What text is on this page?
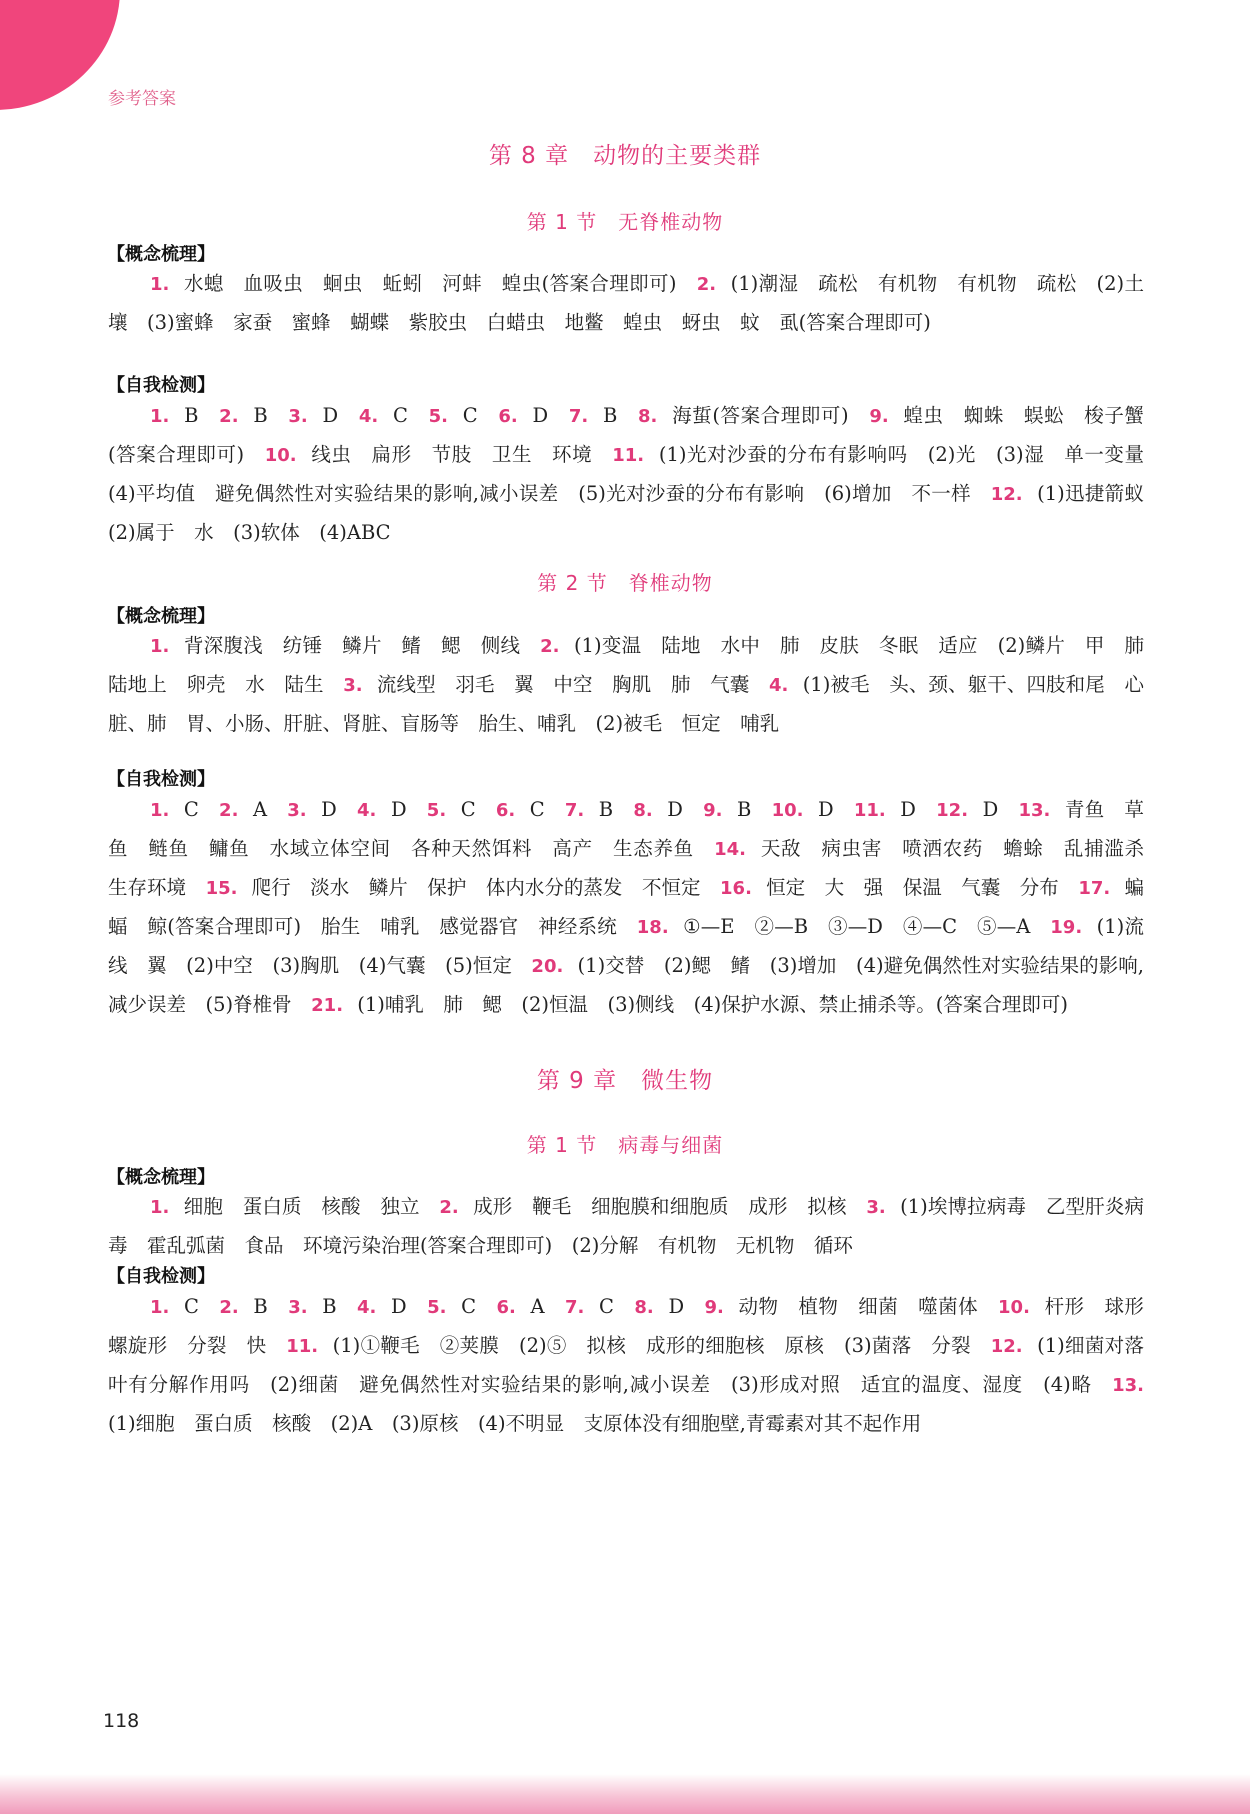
参考答案
第 8 章　动物的主要类群
第 1 节　无脊椎动物
【概念梳理】
1. 水螅　血吸虫　蛔虫　蚯蚓　河蚌　蝗虫(答案合理即可)　 2. (1)潮湿　疏松　有机物　有机物　疏松　(2)土壤　(3)蜜蜂　家蚕　蜜蜂　蝴蝶　紫胶虫　白蜡虫　地鳖　蝗虫　蚜虫　蚊　虱(答案合理即可)
【自我检测】
1. B　 2. B　 3. D　 4. C　 5. C　 6. D　 7. B　 8. 海蜇(答案合理即可)　 9. 蝗虫　蜘蛛　蜈蚣　梭子蟹(答案合理即可)　 10. 线虫　扁形　节肢　卫生　环境　 11. (1)光对沙蚕的分布有影响吗　(2)光　(3)湿　单一变量　(4)平均值　避免偶然性对实验结果的影响,减小误差　(5)光对沙蚕的分布有影响　(6)增加　不一样　 12. (1)迅捷箭蚁　(2)属于　水　(3)软体　(4)ABC
第 2 节　脊椎动物
【概念梳理】
1. 背深腹浅　纺锤　鳞片　鳍　鳃　侧线　 2. (1)变温　陆地　水中　肺　皮肤　冬眠　适应　(2)鳞片　甲　肺　陆地上　卵壳　水　陆生　 3. 流线型　羽毛　翼　中空　胸肌　肺　气囊　 4. (1)被毛　头、颈、躯干、四肢和尾　心脏、肺　胃、小肠、肝脏、肾脏、盲肠等　胎生、哺乳　(2)被毛　恒定　哺乳
【自我检测】
1. C　 2. A　 3. D　 4. D　 5. C　 6. C　 7. B　 8. D　 9. B　 10. D　 11. D　 12. D　 13. 青鱼　草鱼　鲢鱼　鳙鱼　水域立体空间　各种天然饵料　高产　生态养鱼　 14. 天敌　病虫害　喷洒农药　蟾蜍　乱捕滥杀　生存环境　 15. 爬行　淡水　鳞片　保护　体内水分的蒸发　不恒定　 16. 恒定　大　强　保温　气囊　分布　 17. 蝙蝠　鲸(答案合理即可)　胎生　哺乳　感觉器官　神经系统　 18. ①—E　②—B　③—D　④—C　⑤—A　 19. (1)流线　翼　(2)中空　(3)胸肌　(4)气囊　(5)恒定　 20. (1)交替　(2)鳃　鳍　(3)增加　(4)避免偶然性对实验结果的影响,减少误差　(5)脊椎骨　 21. (1)哺乳　肺　鳃　(2)恒温　(3)侧线　(4)保护水源、禁止捕杀等。(答案合理即可)
第 9 章　微生物
第 1 节　病毒与细菌
【概念梳理】
1. 细胞　蛋白质　核酸　独立　 2. 成形　鞭毛　细胞膜和细胞质　成形　拟核　 3. (1)埃博拉病毒　乙型肝炎病毒　霍乱弧菌　食品　环境污染治理(答案合理即可)　(2)分解　有机物　无机物　循环
【自我检测】
1. C　 2. B　 3. B　 4. D　 5. C　 6. A　 7. C　 8. D　 9. 动物　植物　细菌　噬菌体　 10. 杆形　球形　螺旋形　分裂　快　 11. (1)①鞭毛　②荚膜　(2)⑤　拟核　成形的细胞核　原核　(3)菌落　分裂　 12. (1)细菌对落叶有分解作用吗　(2)细菌　避免偶然性对实验结果的影响,减小误差　(3)形成对照　适宜的温度、湿度　(4)略　 13. (1)细胞　蛋白质　核酸　(2)A　(3)原核　(4)不明显　支原体没有细胞壁,青霉素对其不起作用
118
